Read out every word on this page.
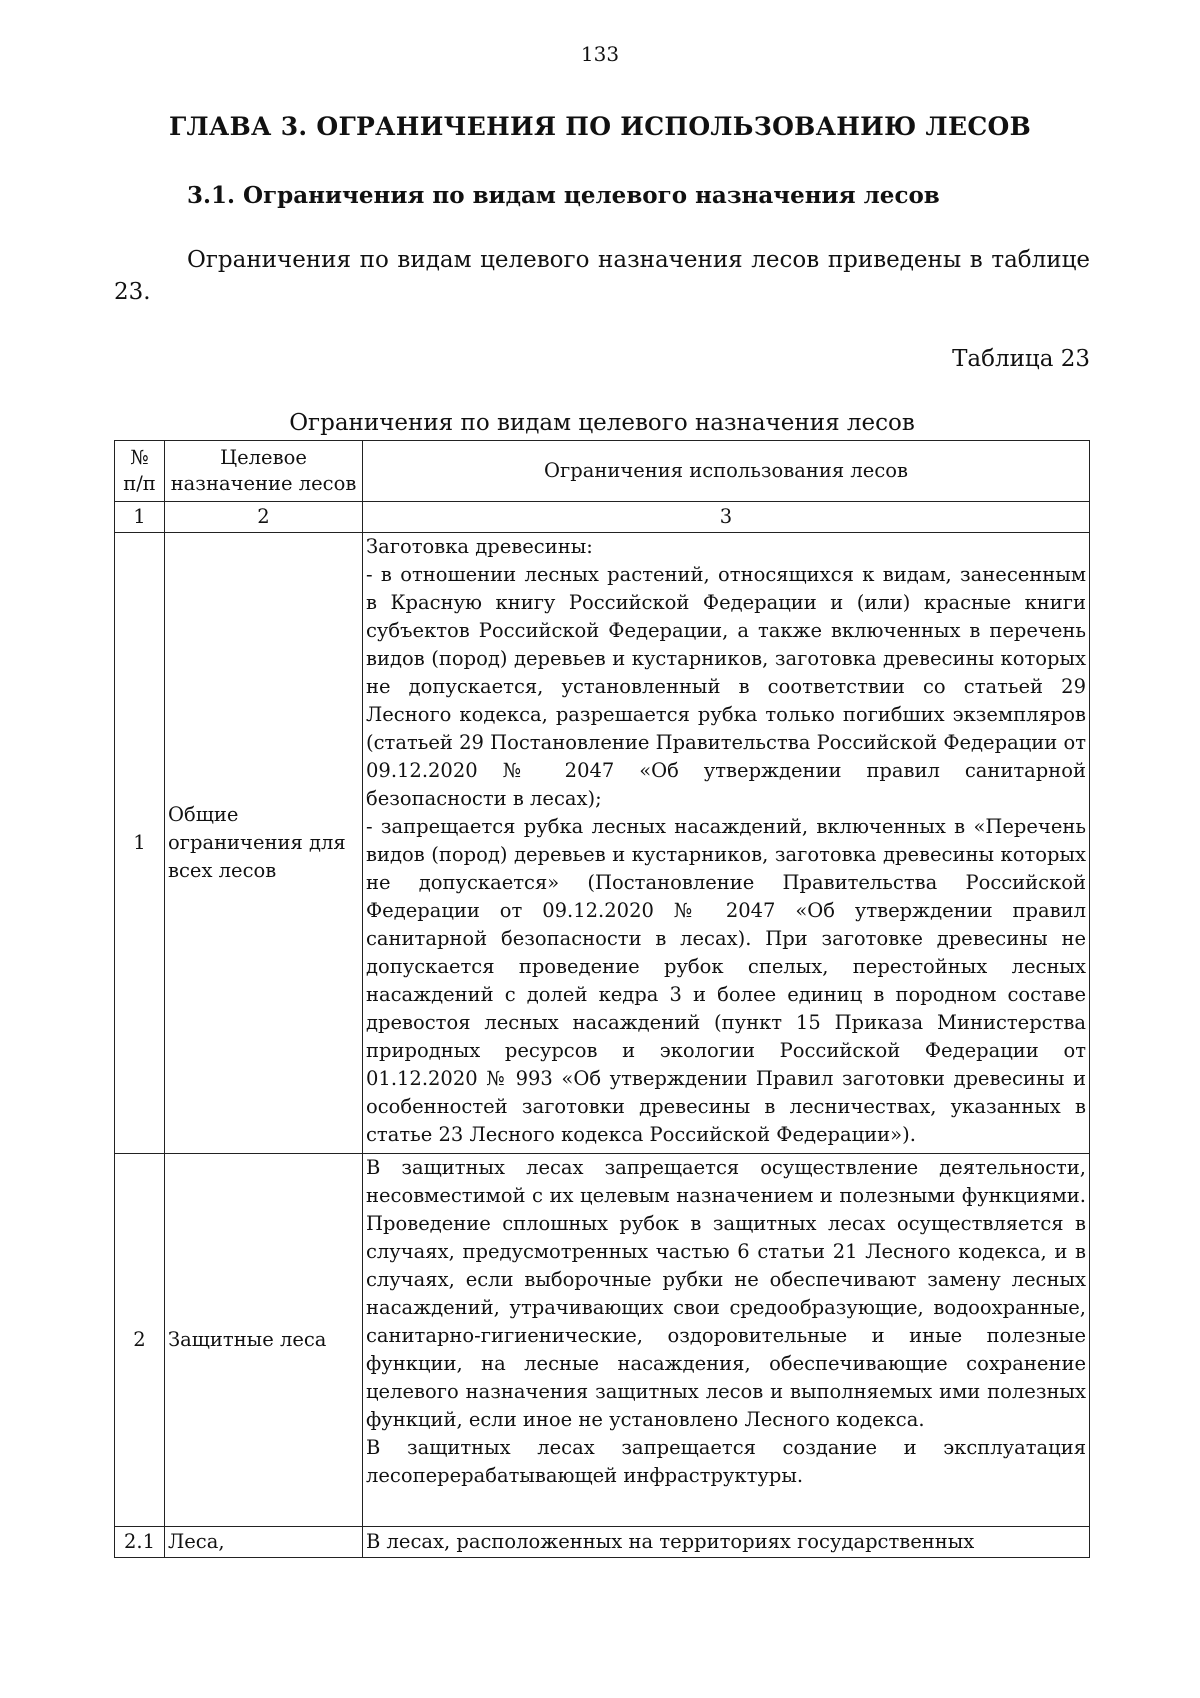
133
ГЛАВА 3. ОГРАНИЧЕНИЯ ПО ИСПОЛЬЗОВАНИЮ ЛЕСОВ
3.1. Ограничения по видам целевого назначения лесов
Ограничения по видам целевого назначения лесов приведены в таблице 23.
Таблица 23
Ограничения по видам целевого назначения лесов
№ п/п	Целевое назначение лесов	Ограничения использования лесов
1	2	3
1	Общие ограничения для всех лесов	Заготовка древесины:
- в отношении лесных растений, относящихся к видам, занесенным в Красную книгу Российской Федерации и (или) красные книги субъектов Российской Федерации, а также включенных в перечень видов (пород) деревьев и кустарников, заготовка древесины которых не допускается, установленный в соответствии со статьей 29 Лесного кодекса, разрешается рубка только погибших экземпляров (статьей 29 Постановление Правительства Российской Федерации от 09.12.2020 № 2047 «Об утверждении правил санитарной безопасности в лесах);
- запрещается рубка лесных насаждений, включенных в «Перечень видов (пород) деревьев и кустарников, заготовка древесины которых не допускается» (Постановление Правительства Российской Федерации от 09.12.2020 № 2047 «Об утверждении правил санитарной безопасности в лесах). При заготовке древесины не допускается проведение рубок спелых, перестойных лесных насаждений с долей кедра 3 и более единиц в породном составе древостоя лесных насаждений (пункт 15 Приказа Министерства природных ресурсов и экологии Российской Федерации от 01.12.2020 № 993 «Об утверждении Правил заготовки древесины и особенностей заготовки древесины в лесничествах, указанных в статье 23 Лесного кодекса Российской Федерации»).

2	Защитные леса	В защитных лесах запрещается осуществление деятельности, несовместимой с их целевым назначением и полезными функциями. Проведение сплошных рубок в защитных лесах осуществляется в случаях, предусмотренных частью 6 статьи 21 Лесного кодекса, и в случаях, если выборочные рубки не обеспечивают замену лесных насаждений, утрачивающих свои средообразующие, водоохранные, санитарно-гигиенические, оздоровительные и иные полезные функции, на лесные насаждения, обеспечивающие сохранение целевого назначения защитных лесов и выполняемых ими полезных функций, если иное не установлено Лесного кодекса.
В защитных лесах запрещается создание и эксплуатация лесоперерабатывающей инфраструктуры.

2.1	Леса,	В лесах, расположенных на территориях государственных
